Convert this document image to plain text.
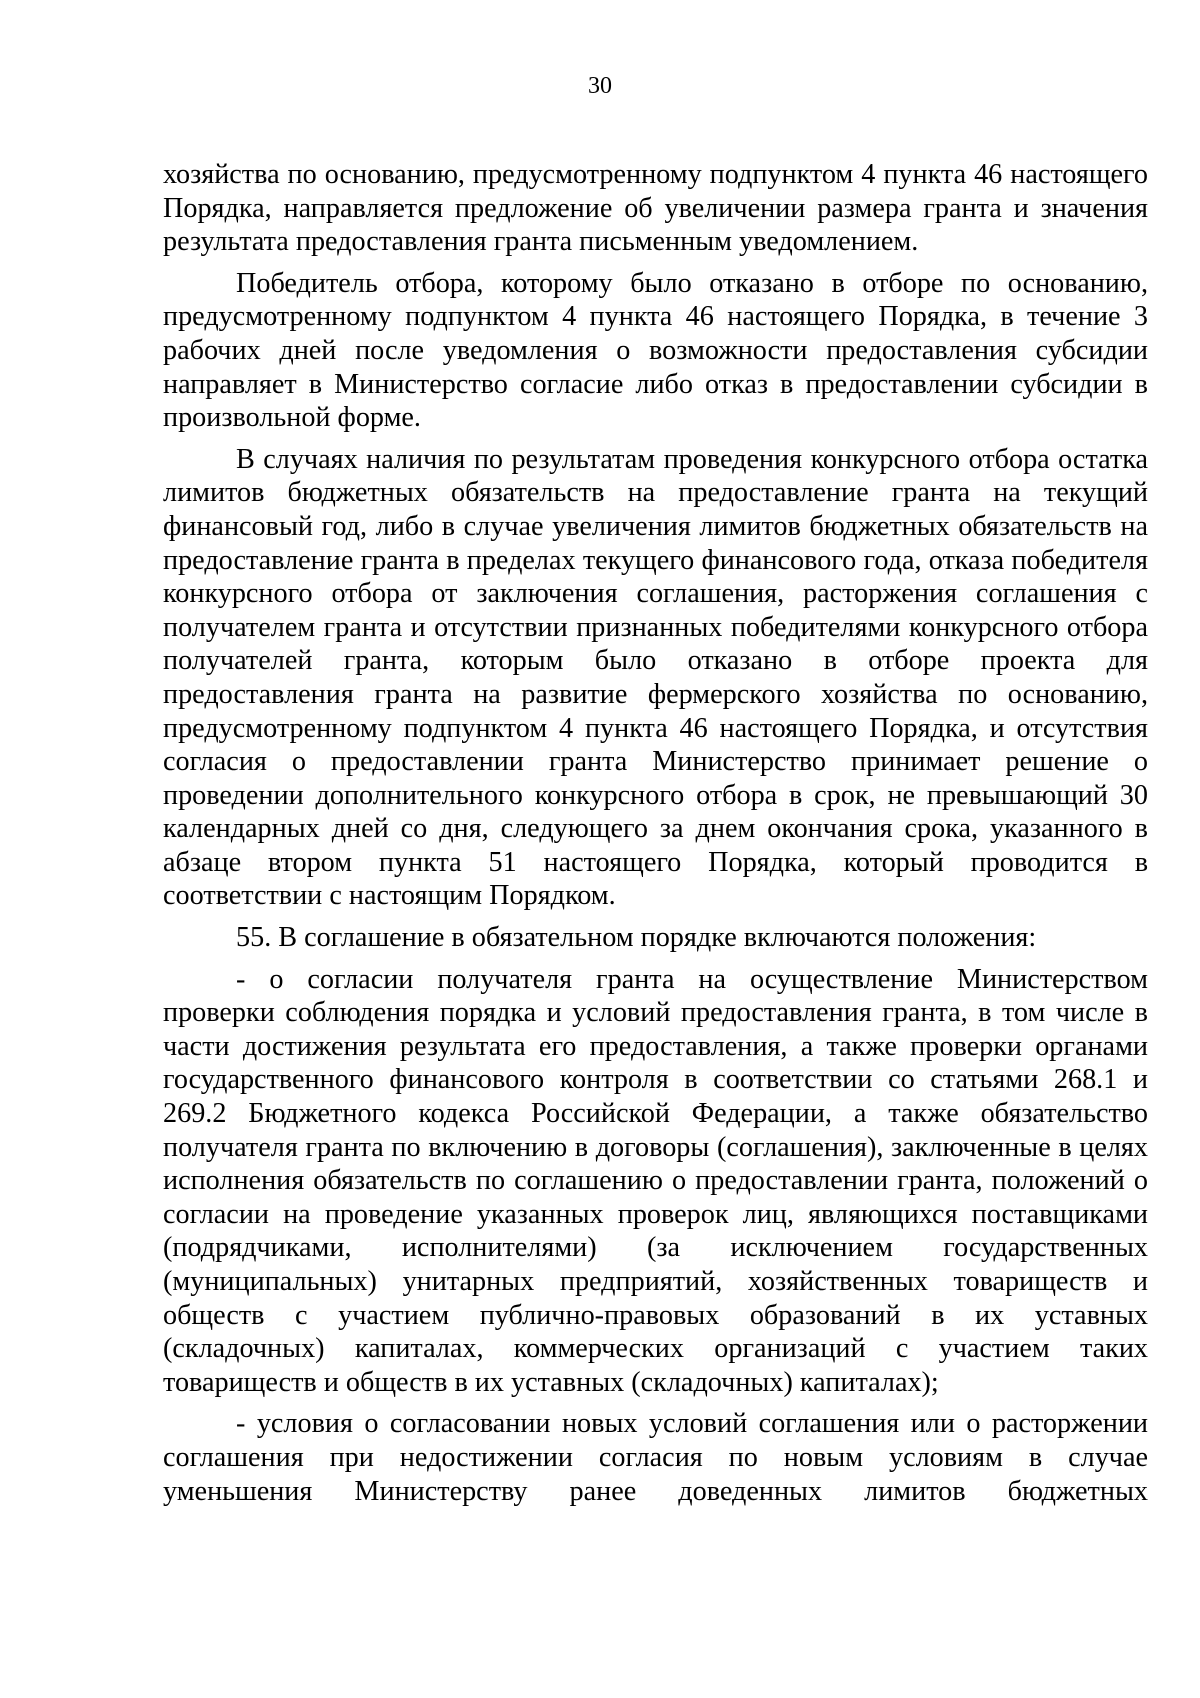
30

хозяйства по основанию, предусмотренному подпунктом 4 пункта 46 настоящего Порядка, направляется предложение об увеличении размера гранта и значения результата предоставления гранта письменным уведомлением.

Победитель отбора, которому было отказано в отборе по основанию, предусмотренному подпунктом 4 пункта 46 настоящего Порядка, в течение 3 рабочих дней после уведомления о возможности предоставления субсидии направляет в Министерство согласие либо отказ в предоставлении субсидии в произвольной форме.

В случаях наличия по результатам проведения конкурсного отбора остатка лимитов бюджетных обязательств на предоставление гранта на текущий финансовый год, либо в случае увеличения лимитов бюджетных обязательств на предоставление гранта в пределах текущего финансового года, отказа победителя конкурсного отбора от заключения соглашения, расторжения соглашения с получателем гранта и отсутствии признанных победителями конкурсного отбора получателей гранта, которым было отказано в отборе проекта для предоставления гранта на развитие фермерского хозяйства по основанию, предусмотренному подпунктом 4 пункта 46 настоящего Порядка, и отсутствия согласия о предоставлении гранта Министерство принимает решение о проведении дополнительного конкурсного отбора в срок, не превышающий 30 календарных дней со дня, следующего за днем окончания срока, указанного в абзаце втором пункта 51 настоящего Порядка, который проводится в соответствии с настоящим Порядком.

55. В соглашение в обязательном порядке включаются положения:

- о согласии получателя гранта на осуществление Министерством проверки соблюдения порядка и условий предоставления гранта, в том числе в части достижения результата его предоставления, а также проверки органами государственного финансового контроля в соответствии со статьями 268.1 и 269.2 Бюджетного кодекса Российской Федерации, а также обязательство получателя гранта по включению в договоры (соглашения), заключенные в целях исполнения обязательств по соглашению о предоставлении гранта, положений о согласии на проведение указанных проверок лиц, являющихся поставщиками (подрядчиками, исполнителями) (за исключением государственных (муниципальных) унитарных предприятий, хозяйственных товариществ и обществ с участием публично-правовых образований в их уставных (складочных) капиталах, коммерческих организаций с участием таких товариществ и обществ в их уставных (складочных) капиталах);

- условия о согласовании новых условий соглашения или о расторжении соглашения при недостижении согласия по новым условиям в случае уменьшения Министерству ранее доведенных лимитов бюджетных
